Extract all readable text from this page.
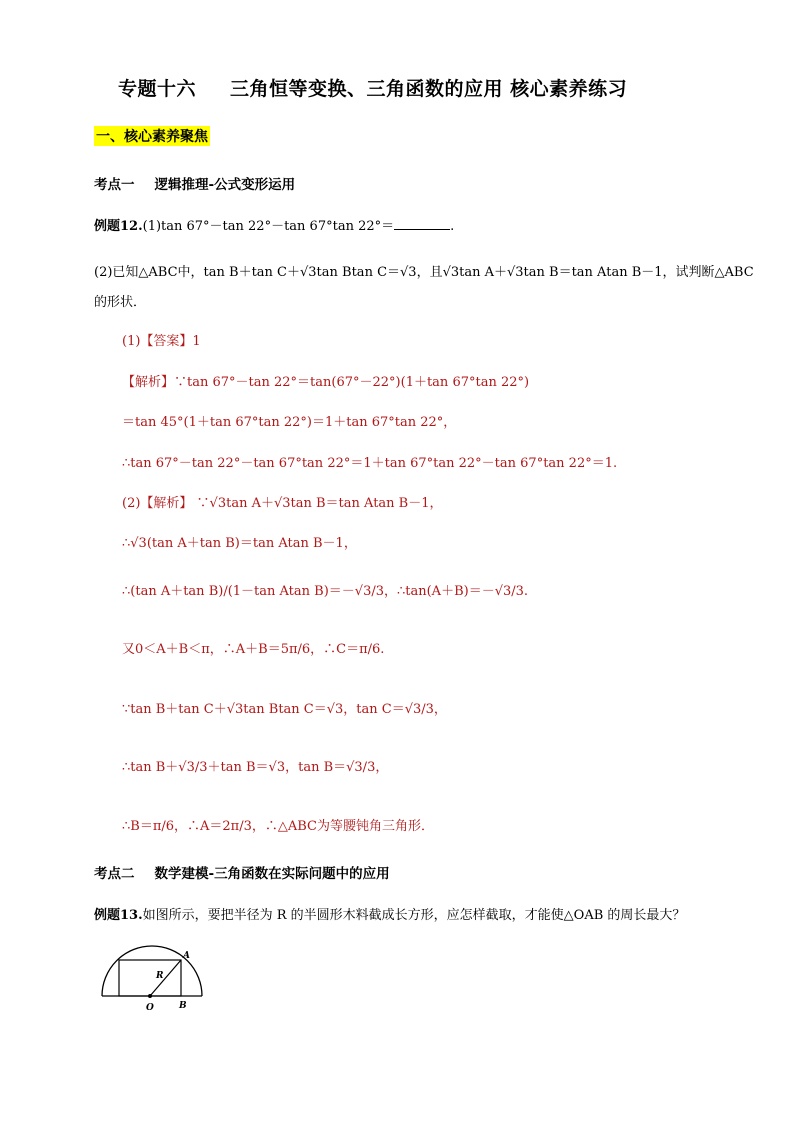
专题十六 三角恒等变换、三角函数的应用 核心素养练习
一、核心素养聚焦
考点一 逻辑推理-公式变形运用
例题12.(1)tan 67°－tan 22°－tan 67°tan 22°＝	.
(2)已知△ABC中，tan B＋tan C＋√3tan Btan C＝√3，且√3tan A＋√3tan B＝tan Atan B－1，试判断△ABC
的形状．
(1)【答案】1
【解析】∵tan 67°－tan 22°＝tan(67°－22°)(1＋tan 67°tan 22°)
＝tan 45°(1＋tan 67°tan 22°)＝1＋tan 67°tan 22°，
∴tan 67°－tan 22°－tan 67°tan 22°＝1＋tan 67°tan 22°－tan 67°tan 22°＝1.
(2)【解析】 ∵√3tan A＋√3tan B＝tan Atan B－1，
∴√3(tan A＋tan B)＝tan Atan B－1，
∴(tan A＋tan B)/(1－tan Atan B)＝－√3/3，∴tan(A＋B)＝－√3/3.
又0＜A＋B＜π，∴A＋B＝5π/6，∴C＝π/6.
∵tan B＋tan C＋√3tan Btan C＝√3，tan C＝√3/3，
∴tan B＋√3/3＋tan B＝√3，tan B＝√3/3，
∴B＝π/6，∴A＝2π/3，∴△ABC为等腰钝角三角形．
考点二 数学建模-三角函数在实际问题中的应用
例题13.如图所示，要把半径为 R 的半圆形木料截成长方形，应怎样截取，才能使△OAB 的周长最大？
A
R
O	B
